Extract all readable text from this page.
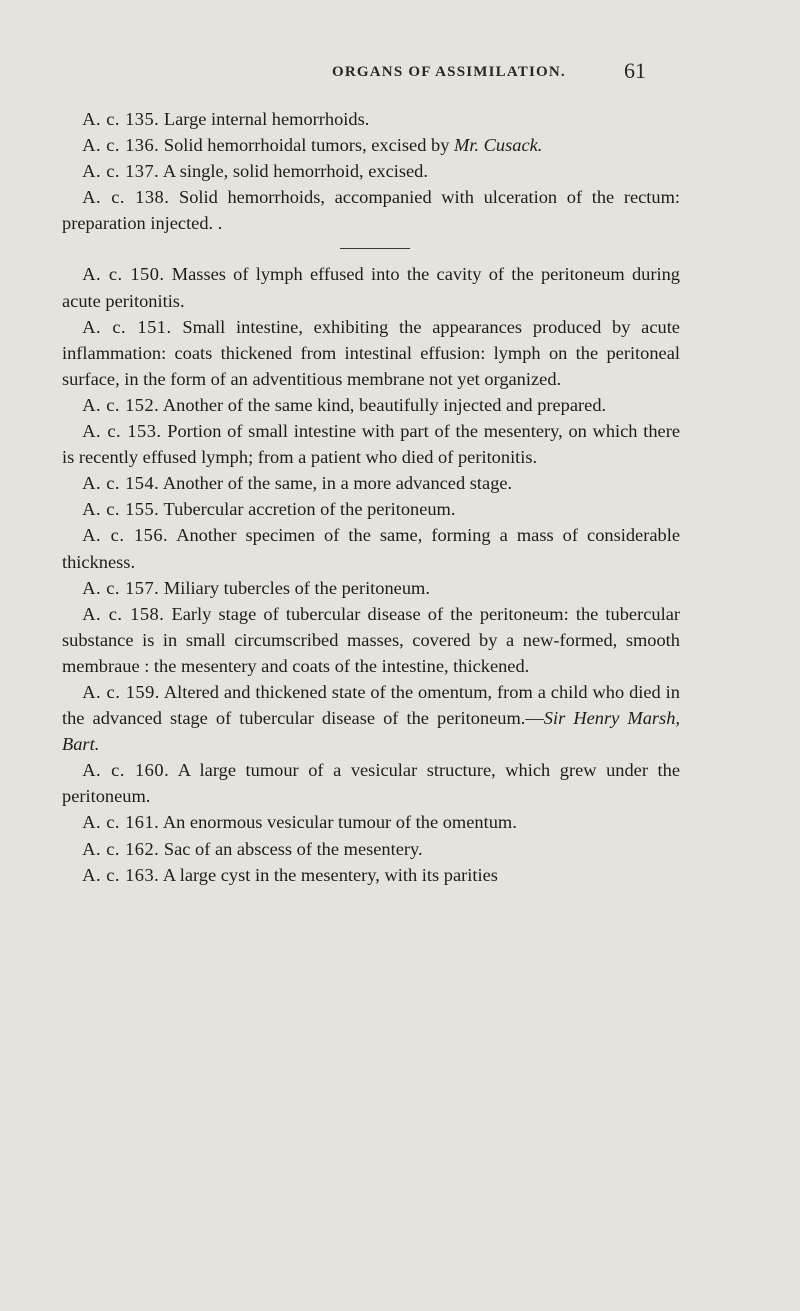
ORGANS OF ASSIMILATION.	61

A. c. 135. Large internal hemorrhoids.

A. c. 136. Solid hemorrhoidal tumors, excised by Mr. Cusack.

A. c. 137. A single, solid hemorrhoid, excised.

A. c. 138. Solid hemorrhoids, accompanied with ulceration of the rectum: preparation injected. .

A. c. 150. Masses of lymph effused into the cavity of the peritoneum during acute peritonitis.

A. c. 151. Small intestine, exhibiting the appearances produced by acute inflammation: coats thickened from intestinal effusion: lymph on the peritoneal surface, in the form of an adventitious membrane not yet organized.

A. c. 152. Another of the same kind, beautifully injected and prepared.

A. c. 153. Portion of small intestine with part of the mesentery, on which there is recently effused lymph; from a patient who died of peritonitis.

A. c. 154. Another of the same, in a more advanced stage.

A. c. 155. Tubercular accretion of the peritoneum.

A. c. 156. Another specimen of the same, forming a mass of considerable thickness.

A. c. 157. Miliary tubercles of the peritoneum.

A. c. 158. Early stage of tubercular disease of the peritoneum: the tubercular substance is in small circumscribed masses, covered by a new-formed, smooth membraue : the mesentery and coats of the intestine, thickened.

A. c. 159. Altered and thickened state of the omentum, from a child who died in the advanced stage of tubercular disease of the peritoneum.—Sir Henry Marsh, Bart.

A. c. 160. A large tumour of a vesicular structure, which grew under the peritoneum.

A. c. 161. An enormous vesicular tumour of the omentum.

A. c. 162. Sac of an abscess of the mesentery.

A. c. 163. A large cyst in the mesentery, with its parities
